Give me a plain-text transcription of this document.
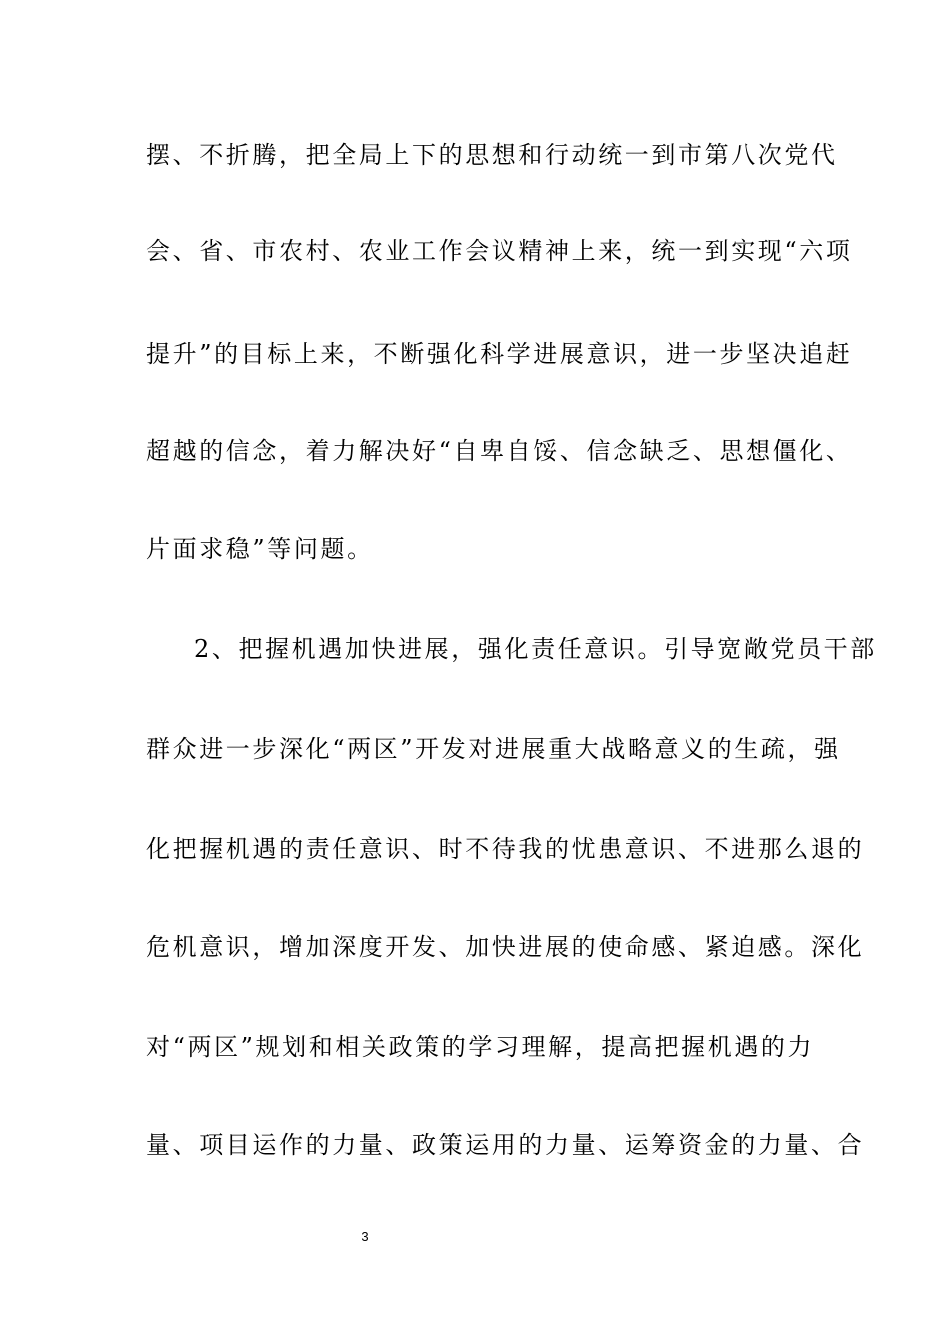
摆、不折腾，把全局上下的思想和行动统一到市第八次党代
会、省、市农村、农业工作会议精神上来，统一到实现“六项
提升”的目标上来，不断强化科学进展意识，进一步坚决追赶
超越的信念，着力解决好“自卑自馁、信念缺乏、思想僵化、
片面求稳”等问题。
2、把握机遇加快进展，强化责任意识。引导宽敞党员干部
群众进一步深化“两区”开发对进展重大战略意义的生疏，强
化把握机遇的责任意识、时不待我的忧患意识、不进那么退的
危机意识，增加深度开发、加快进展的使命感、紧迫感。深化
对“两区”规划和相关政策的学习理解，提高把握机遇的力
量、项目运作的力量、政策运用的力量、运筹资金的力量、合
3
